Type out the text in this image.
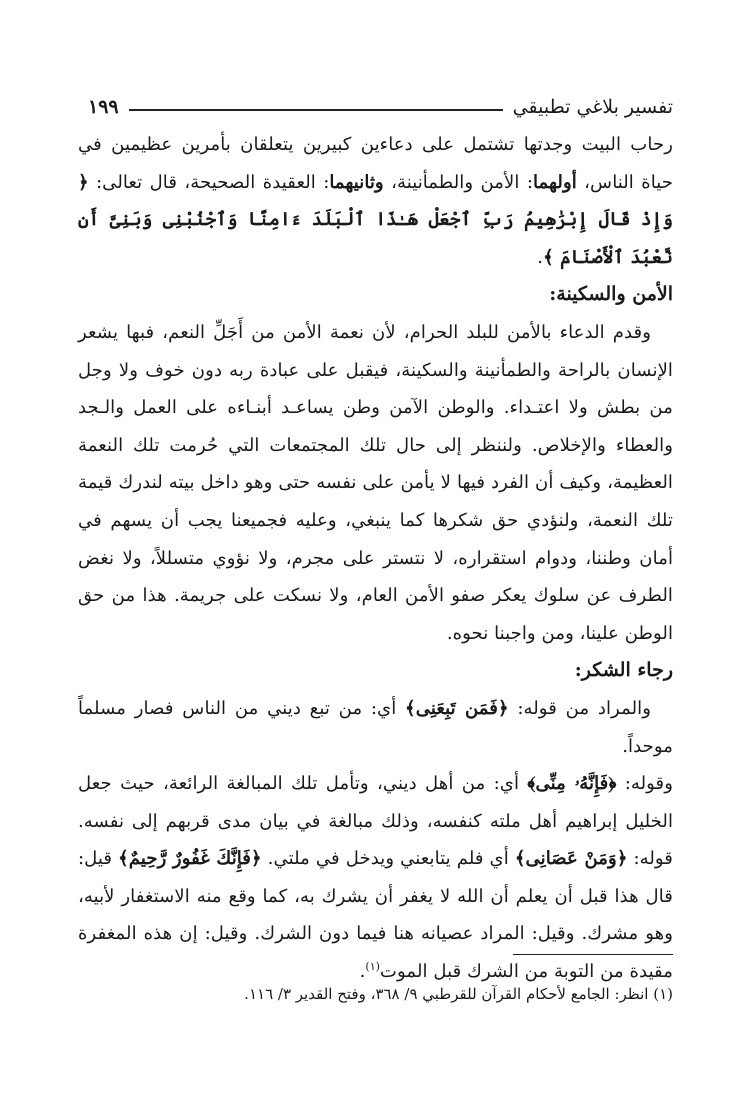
تفسير بلاغي تطبيقي
١٩٩

رحاب البيت وجدتها تشتمل على دعاءين كبيرين يتعلقان بأمرين عظيمين في حياة الناس، أولهما: الأمن والطمأنينة، وثانيهما: العقيدة الصحيحة، قال تعالى: ﴿ وَإِذْ قَالَ إِبْرَٰهِيمُ رَبِّ ٱجْعَلْ هَـٰذَا ٱلْبَلَدَ ءَامِنًا وَٱجْنُبْنِى وَبَنِىَّ أَن نَّعْبُدَ ٱلْأَصْنَامَ ﴾.

الأمن والسكينة:

وقدم الدعاء بالأمن للبلد الحرام، لأن نعمة الأمن من أَجَلِّ النعم، فبها يشعر الإنسان بالراحة والطمأنينة والسكينة، فيقبل على عبادة ربه دون خوف ولا وجل من بطش ولا اعتـداء. والوطن الآمن وطن يساعـد أبنـاءه على العمل والـجد والعطاء والإخلاص. ولننظر إلى حال تلك المجتمعات التي حُرمت تلك النعمة العظيمة، وكيف أن الفرد فيها لا يأمن على نفسه حتى وهو داخل بيته لندرك قيمة تلك النعمة، ولنؤدي حق شكرها كما ينبغي، وعليه فجميعنا يجب أن يسهم في أمان وطننا، ودوام استقراره، لا نتستر على مجرم، ولا نؤوي متسللاً، ولا نغض الطرف عن سلوك يعكر صفو الأمن العام، ولا نسكت على جريمة. هذا من حق الوطن علينا، ومن واجبنا نحوه.

رجاء الشكر:

والمراد من قوله: ﴿فَمَن تَبِعَنِى﴾ أي: من تبع ديني من الناس فصار مسلماً موحداً.

وقوله: ﴿فَإِنَّهُۥ مِنِّى﴾ أي: من أهل ديني، وتأمل تلك المبالغة الرائعة، حيث جعل الخليل إبراهيم أهل ملته كنفسه، وذلك مبالغة في بيان مدى قربهم إلى نفسه. قوله: ﴿وَمَنْ عَصَانِى﴾ أي فلم يتابعني ويدخل في ملتي. ﴿فَإِنَّكَ غَفُورٌ رَّحِيمٌ﴾ قيل: قال هذا قبل أن يعلم أن الله لا يغفر أن يشرك به، كما وقع منه الاستغفار لأبيه، وهو مشرك. وقيل: المراد عصيانه هنا فيما دون الشرك. وقيل: إن هذه المغفرة مقيدة من التوبة من الشرك قبل الموت$^{(١)}$.

(١) انظر: الجامع لأحكام القرآن للقرطبي ٩/ ٣٦٨، وفتح القدير ٣/ ١١٦.
